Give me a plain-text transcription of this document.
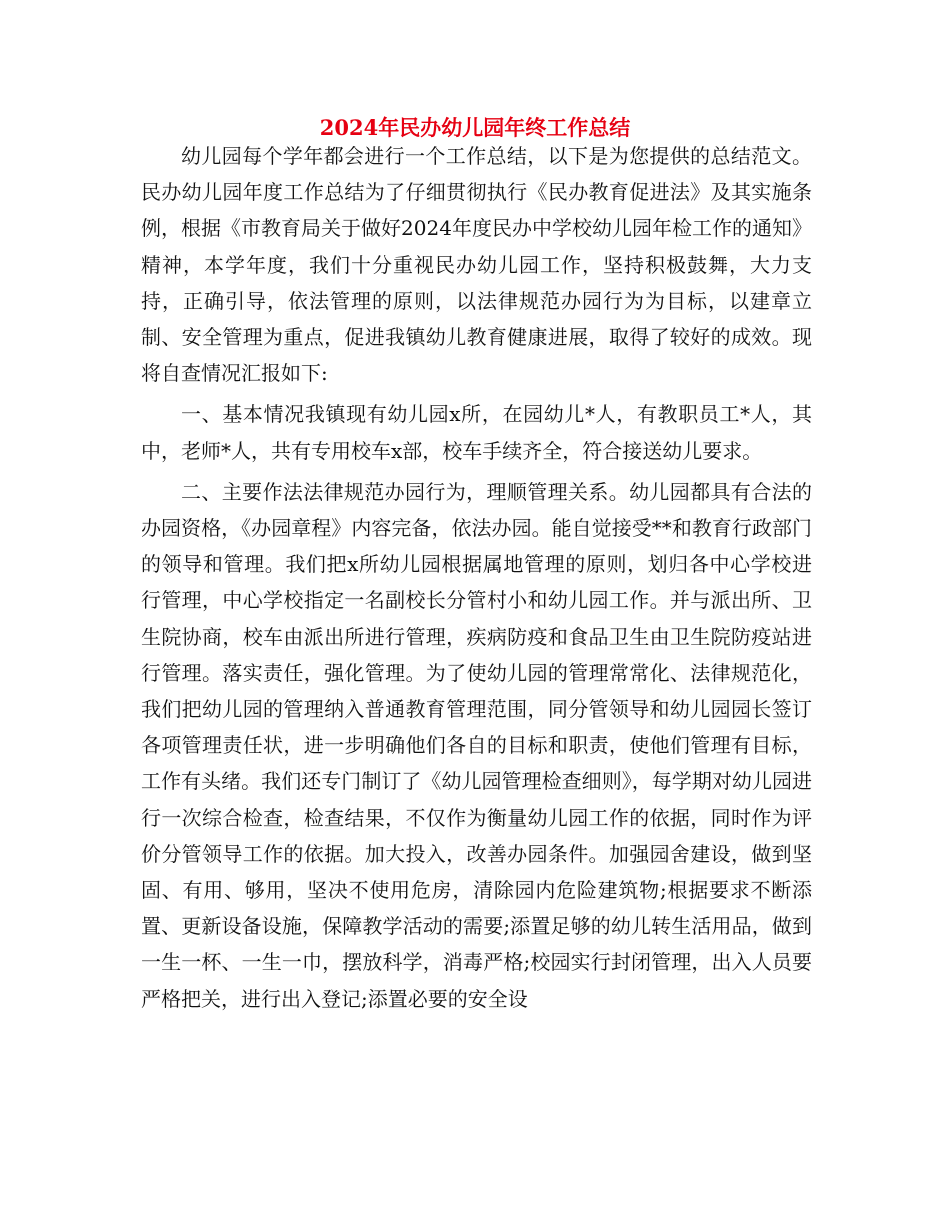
2024年民办幼儿园年终工作总结

幼儿园每个学年都会进行一个工作总结，以下是为您提供的总结范文。民办幼儿园年度工作总结为了仔细贯彻执行《民办教育促进法》及其实施条例，根据《市教育局关于做好2024年度民办中学校幼儿园年检工作的通知》精神，本学年度，我们十分重视民办幼儿园工作，坚持积极鼓舞，大力支持，正确引导，依法管理的原则，以法律规范办园行为为目标，以建章立制、安全管理为重点，促进我镇幼儿教育健康进展，取得了较好的成效。现将自查情况汇报如下:

一、基本情况我镇现有幼儿园x所，在园幼儿*人，有教职员工*人，其中，老师*人，共有专用校车x部，校车手续齐全，符合接送幼儿要求。

二、主要作法法律规范办园行为，理顺管理关系。幼儿园都具有合法的办园资格，《办园章程》内容完备，依法办园。能自觉接受**和教育行政部门的领导和管理。我们把x所幼儿园根据属地管理的原则，划归各中心学校进行管理，中心学校指定一名副校长分管村小和幼儿园工作。并与派出所、卫生院协商，校车由派出所进行管理，疾病防疫和食品卫生由卫生院防疫站进行管理。落实责任，强化管理。为了使幼儿园的管理常常化、法律规范化，我们把幼儿园的管理纳入普通教育管理范围，同分管领导和幼儿园园长签订各项管理责任状，进一步明确他们各自的目标和职责，使他们管理有目标，工作有头绪。我们还专门制订了《幼儿园管理检查细则》，每学期对幼儿园进行一次综合检查，检查结果，不仅作为衡量幼儿园工作的依据，同时作为评价分管领导工作的依据。加大投入，改善办园条件。加强园舍建设，做到坚固、有用、够用，坚决不使用危房，清除园内危险建筑物;根据要求不断添置、更新设备设施，保障教学活动的需要;添置足够的幼儿转生活用品，做到一生一杯、一生一巾，摆放科学，消毒严格;校园实行封闭管理，出入人员要严格把关，进行出入登记;添置必要的安全设
